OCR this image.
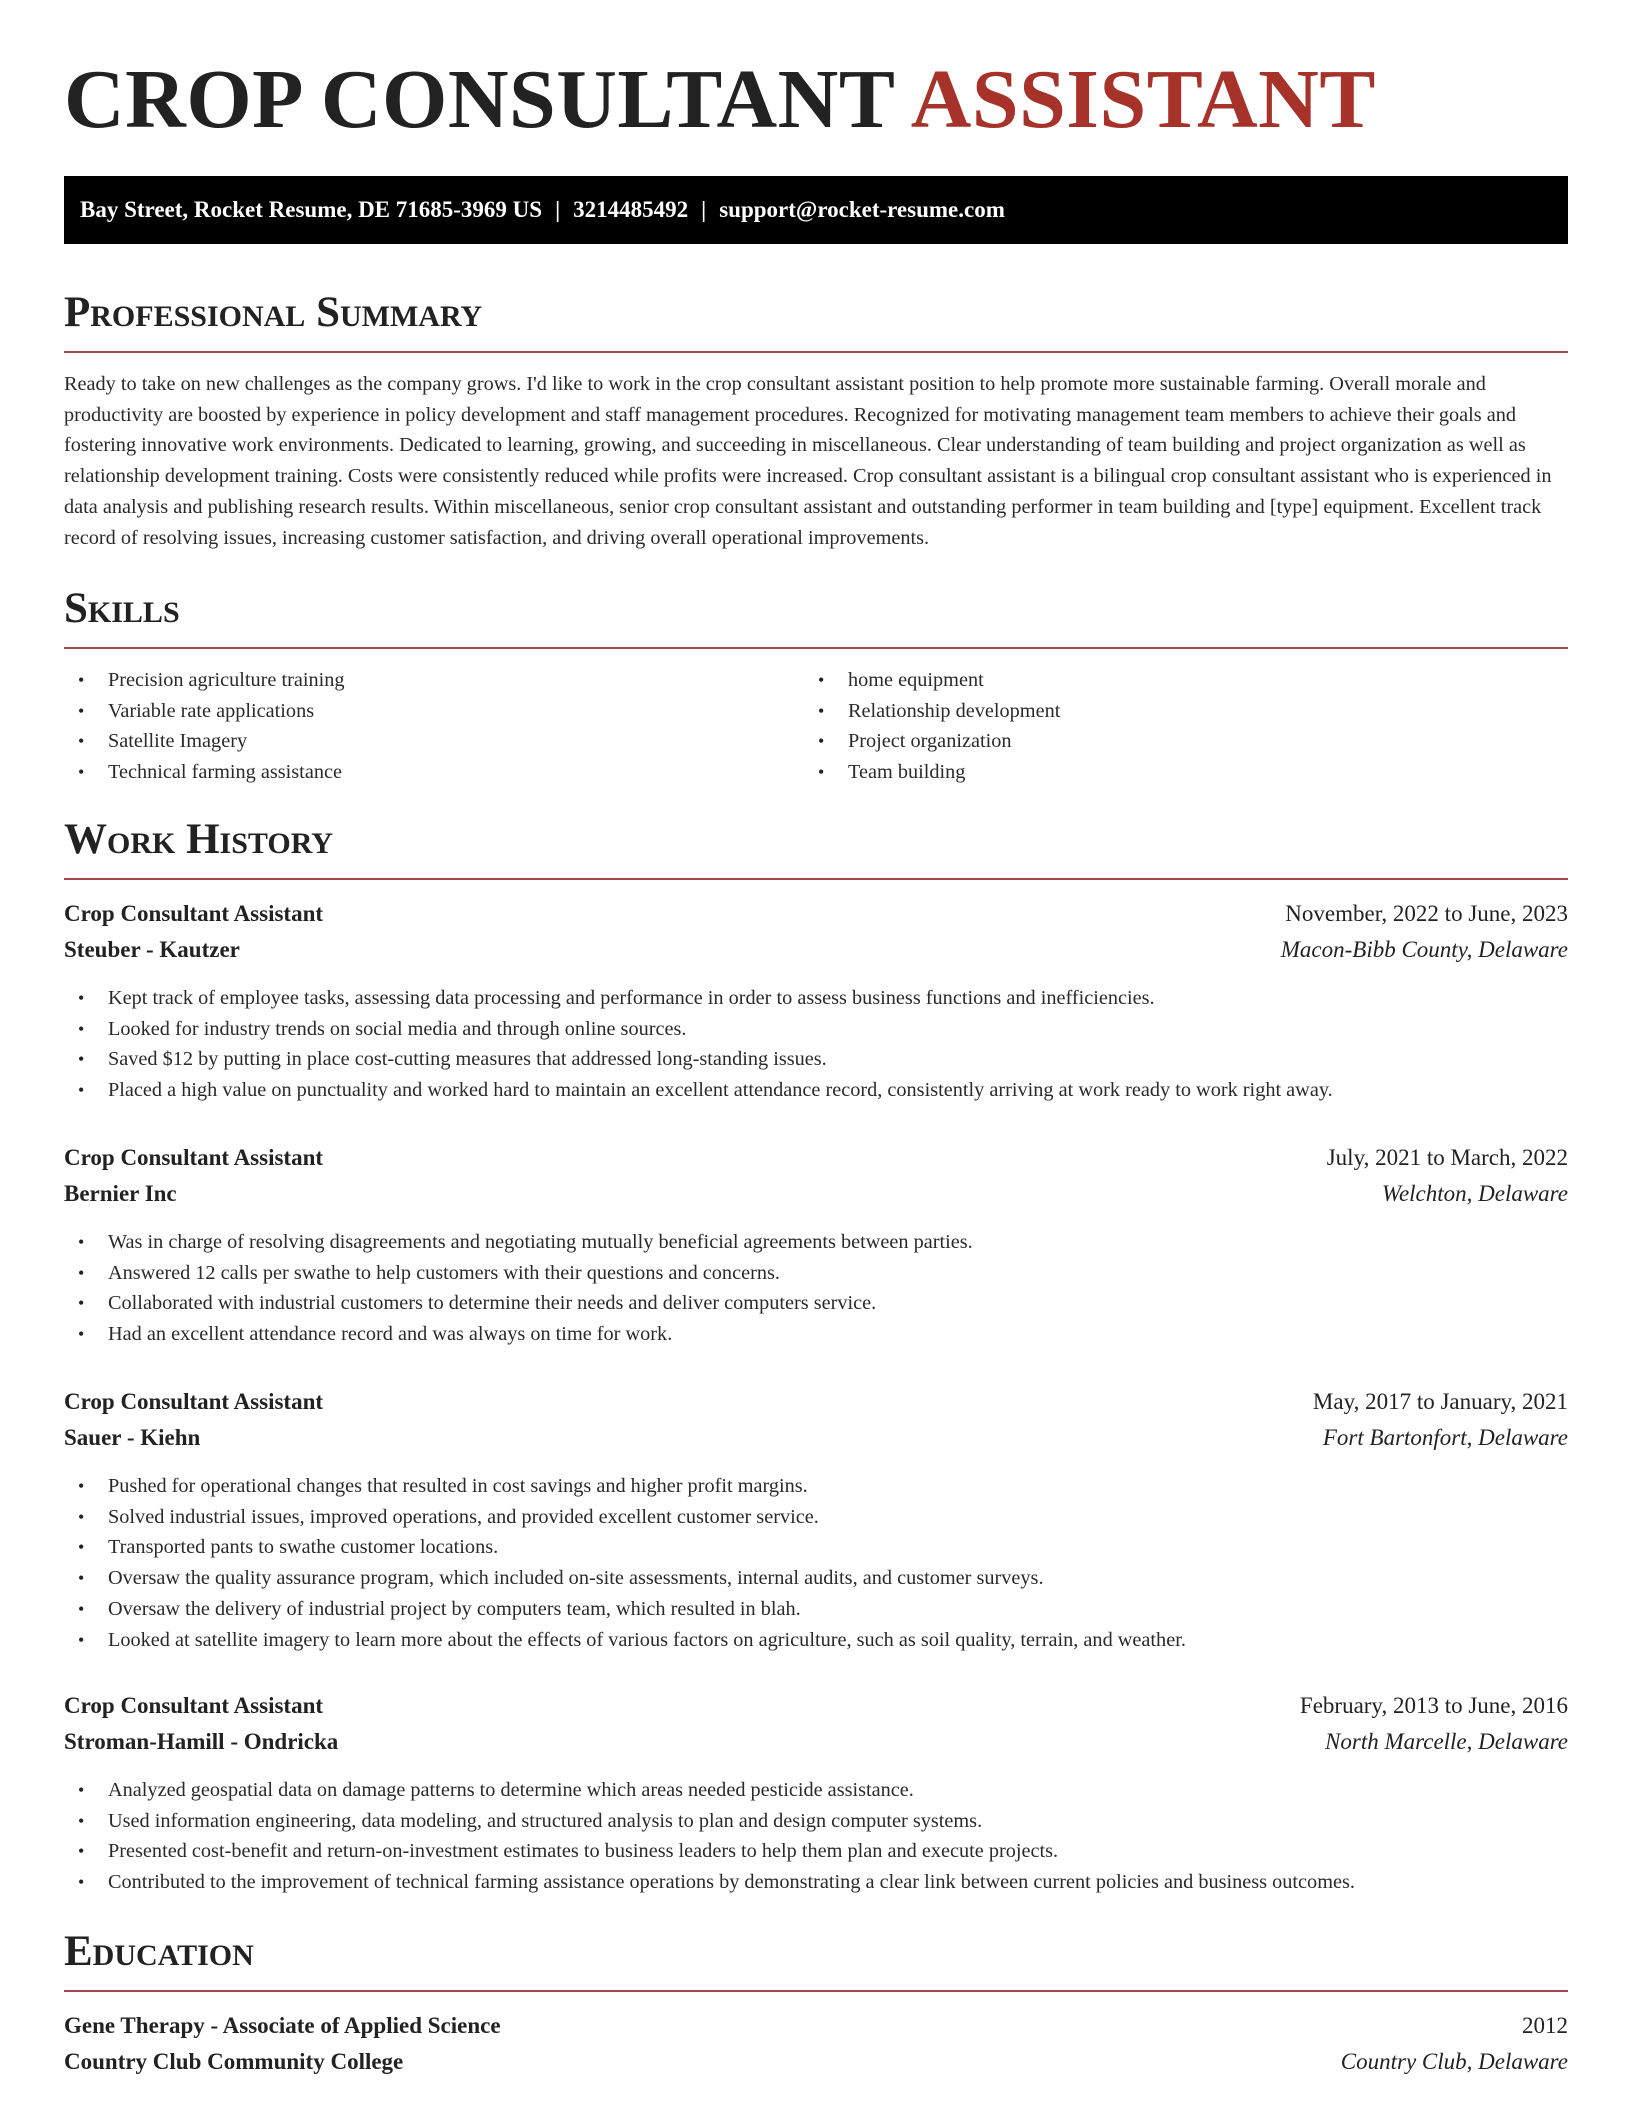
CROP CONSULTANT ASSISTANT
Bay Street, Rocket Resume, DE 71685-3969 US | 3214485492 | support@rocket-resume.com
Professional Summary

Ready to take on new challenges as the company grows. I'd like to work in the crop consultant assistant position to help promote more sustainable farming. Overall morale and productivity are boosted by experience in policy development and staff management procedures. Recognized for motivating management team members to achieve their goals and fostering innovative work environments. Dedicated to learning, growing, and succeeding in miscellaneous. Clear understanding of team building and project organization as well as relationship development training. Costs were consistently reduced while profits were increased. Crop consultant assistant is a bilingual crop consultant assistant who is experienced in data analysis and publishing research results. Within miscellaneous, senior crop consultant assistant and outstanding performer in team building and [type] equipment. Excellent track record of resolving issues, increasing customer satisfaction, and driving overall operational improvements.

Skills
• Precision agriculture training
• Variable rate applications
• Satellite Imagery
• Technical farming assistance
• home equipment
• Relationship development
• Project organization
• Team building
Work History
Crop Consultant Assistant	November, 2022 to June, 2023
Steuber - Kautzer	Macon-Bibb County, Delaware
• Kept track of employee tasks, assessing data processing and performance in order to assess business functions and inefficiencies.
• Looked for industry trends on social media and through online sources.
• Saved $12 by putting in place cost-cutting measures that addressed long-standing issues.
• Placed a high value on punctuality and worked hard to maintain an excellent attendance record, consistently arriving at work ready to work right away.
Crop Consultant Assistant	July, 2021 to March, 2022
Bernier Inc	Welchton, Delaware
• Was in charge of resolving disagreements and negotiating mutually beneficial agreements between parties.
• Answered 12 calls per swathe to help customers with their questions and concerns.
• Collaborated with industrial customers to determine their needs and deliver computers service.
• Had an excellent attendance record and was always on time for work.
Crop Consultant Assistant	May, 2017 to January, 2021
Sauer - Kiehn	Fort Bartonfort, Delaware
• Pushed for operational changes that resulted in cost savings and higher profit margins.
• Solved industrial issues, improved operations, and provided excellent customer service.
• Transported pants to swathe customer locations.
• Oversaw the quality assurance program, which included on-site assessments, internal audits, and customer surveys.
• Oversaw the delivery of industrial project by computers team, which resulted in blah.
• Looked at satellite imagery to learn more about the effects of various factors on agriculture, such as soil quality, terrain, and weather.
Crop Consultant Assistant	February, 2013 to June, 2016
Stroman-Hamill - Ondricka	North Marcelle, Delaware
• Analyzed geospatial data on damage patterns to determine which areas needed pesticide assistance.
• Used information engineering, data modeling, and structured analysis to plan and design computer systems.
• Presented cost-benefit and return-on-investment estimates to business leaders to help them plan and execute projects.
• Contributed to the improvement of technical farming assistance operations by demonstrating a clear link between current policies and business outcomes.
Education
Gene Therapy - Associate of Applied Science	2012
Country Club Community College	Country Club, Delaware
